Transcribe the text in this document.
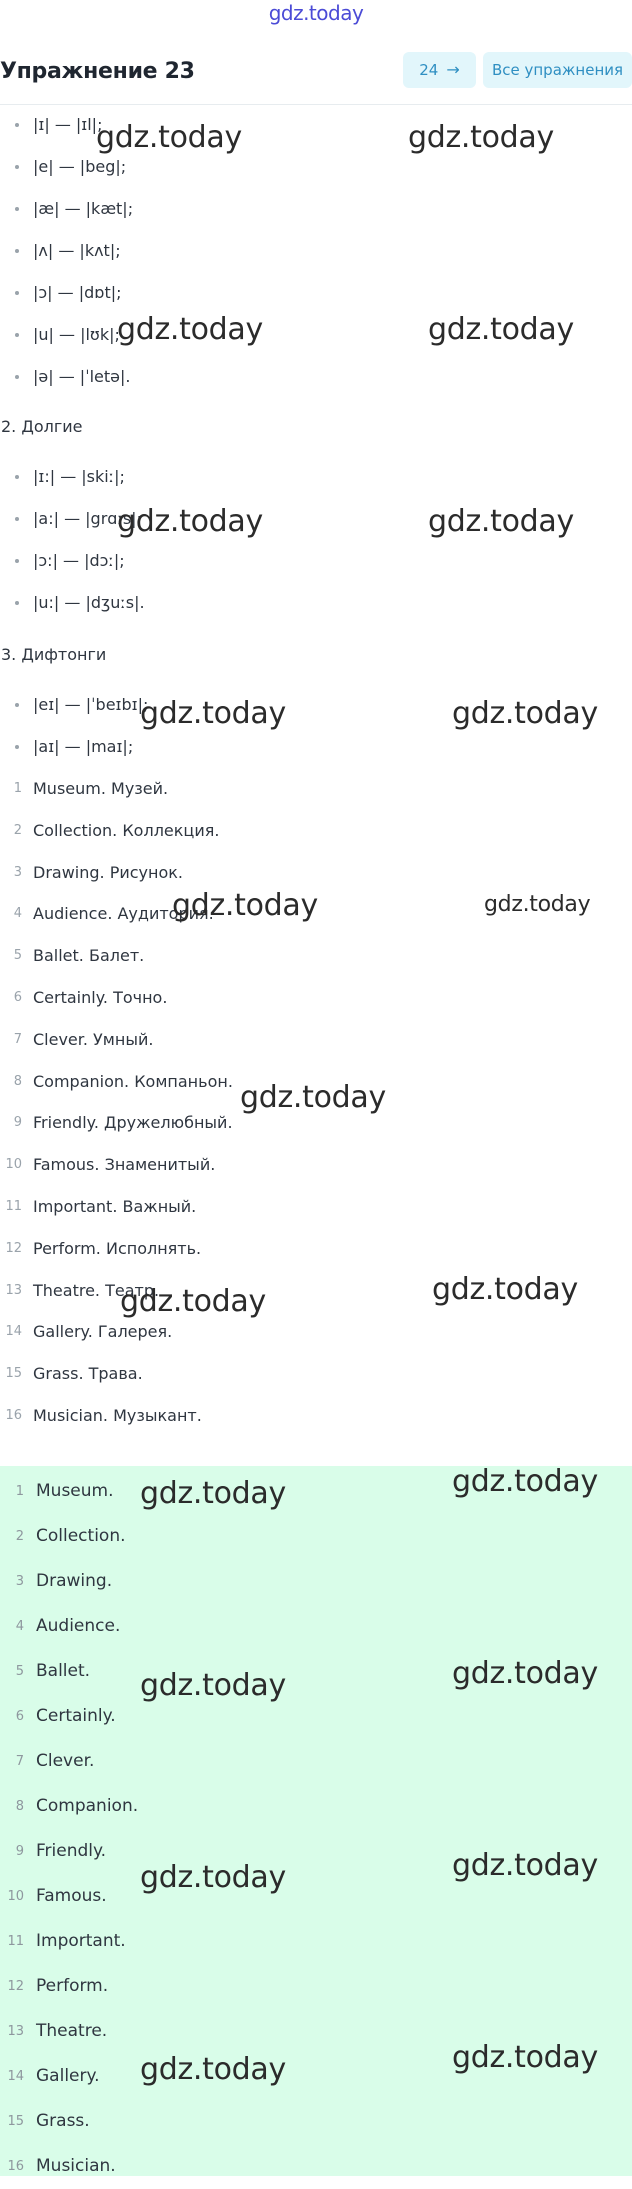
gdz.today
Упражнение 23	24 →	Все упражнения
|ɪ| — |ɪl|;
|e| — |beg|;
|æ| — |kæt|;
|ʌ| — |kʌt|;
|ɔ| — |dɒt|;
|u| — |lʊk|;
|ə| — |ˈletə|.
2. Долгие
|ɪ:| — |skiː|;
|a:| — |grɑːs|;
|ɔ:| — |dɔː|;
|u:| — |dʒuːs|.
3. Дифтонги
|eɪ| — |ˈbeɪbɪ|;
|aɪ| — |maɪ|;
1 Museum. Музей.
2 Collection. Коллекция.
3 Drawing. Рисунок.
4 Audience. Аудитория.
5 Ballet. Балет.
6 Certainly. Точно.
7 Clever. Умный.
8 Companion. Компаньон.
9 Friendly. Дружелюбный.
10 Famous. Знаменитый.
11 Important. Важный.
12 Perform. Исполнять.
13 Theatre. Театр.
14 Gallery. Галерея.
15 Grass. Трава.
16 Musician. Музыкант.
1 Museum.
2 Collection.
3 Drawing.
4 Audience.
5 Ballet.
6 Certainly.
7 Clever.
8 Companion.
9 Friendly.
10 Famous.
11 Important.
12 Perform.
13 Theatre.
14 Gallery.
15 Grass.
16 Musician.
gdz.today	gdz.today
gdz.today	gdz.today
gdz.today	gdz.today
gdz.today	gdz.today
gdz.today	gdz.today
gdz.today
gdz.today	gdz.today
gdz.today	gdz.today
gdz.today	gdz.today
gdz.today	gdz.today
gdz.today	gdz.today
